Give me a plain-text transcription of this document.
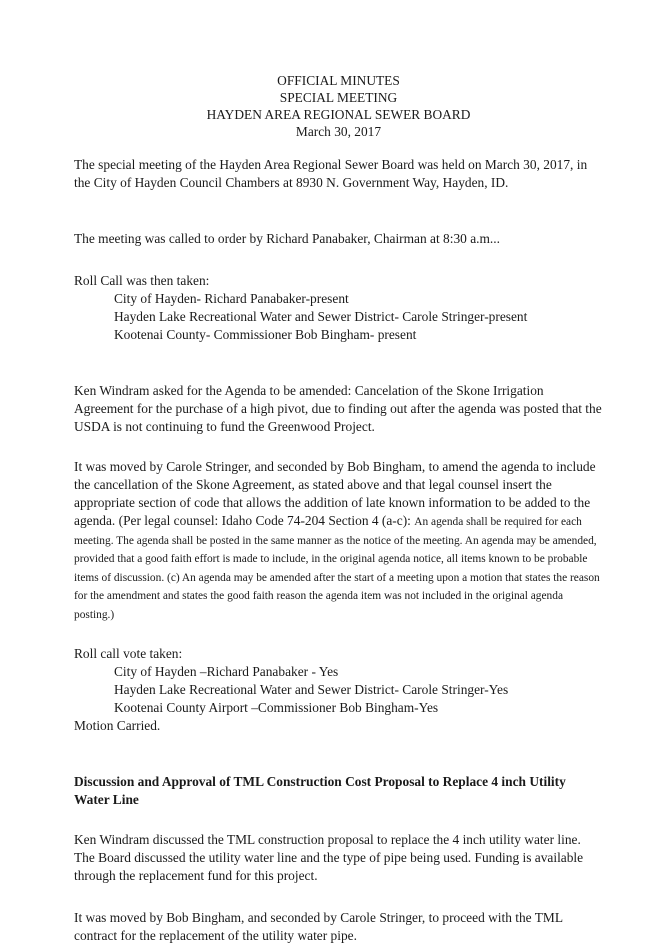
OFFICIAL MINUTES
SPECIAL MEETING
HAYDEN AREA REGIONAL SEWER BOARD
March 30, 2017

The special meeting of the Hayden Area Regional Sewer Board was held on March 30, 2017, in the City of Hayden Council Chambers at 8930 N. Government Way, Hayden, ID.

The meeting was called to order by Richard Panabaker, Chairman at 8:30 a.m...

Roll Call was then taken:

City of Hayden- Richard Panabaker-present

Hayden Lake Recreational Water and Sewer District- Carole Stringer-present

Kootenai County- Commissioner Bob Bingham- present

Ken Windram asked for the Agenda to be amended: Cancelation of the Skone Irrigation Agreement for the purchase of a high pivot, due to finding out after the agenda was posted that the USDA is not continuing to fund the Greenwood Project.

It was moved by Carole Stringer, and seconded by Bob Bingham, to amend the agenda to include the cancellation of the Skone Agreement, as stated above and that legal counsel insert the appropriate section of code that allows the addition of late known information to be added to the agenda. (Per legal counsel: Idaho Code 74-204 Section 4 (a-c): An agenda shall be required for each meeting. The agenda shall be posted in the same manner as the notice of the meeting. An agenda may be amended, provided that a good faith effort is made to include, in the original agenda notice, all items known to be probable items of discussion. (c) An agenda may be amended after the start of a meeting upon a motion that states the reason for the amendment and states the good faith reason the agenda item was not included in the original agenda posting.)

Roll call vote taken:

City of Hayden –Richard Panabaker - Yes

Hayden Lake Recreational Water and Sewer District- Carole Stringer-Yes

Kootenai County Airport –Commissioner Bob Bingham-Yes

Motion Carried.

Discussion and Approval of TML Construction Cost Proposal to Replace 4 inch Utility Water Line

Ken Windram discussed the TML construction proposal to replace the 4 inch utility water line. The Board discussed the utility water line and the type of pipe being used. Funding is available through the replacement fund for this project.

It was moved by Bob Bingham, and seconded by Carole Stringer, to proceed with the TML contract for the replacement of the utility water pipe.
